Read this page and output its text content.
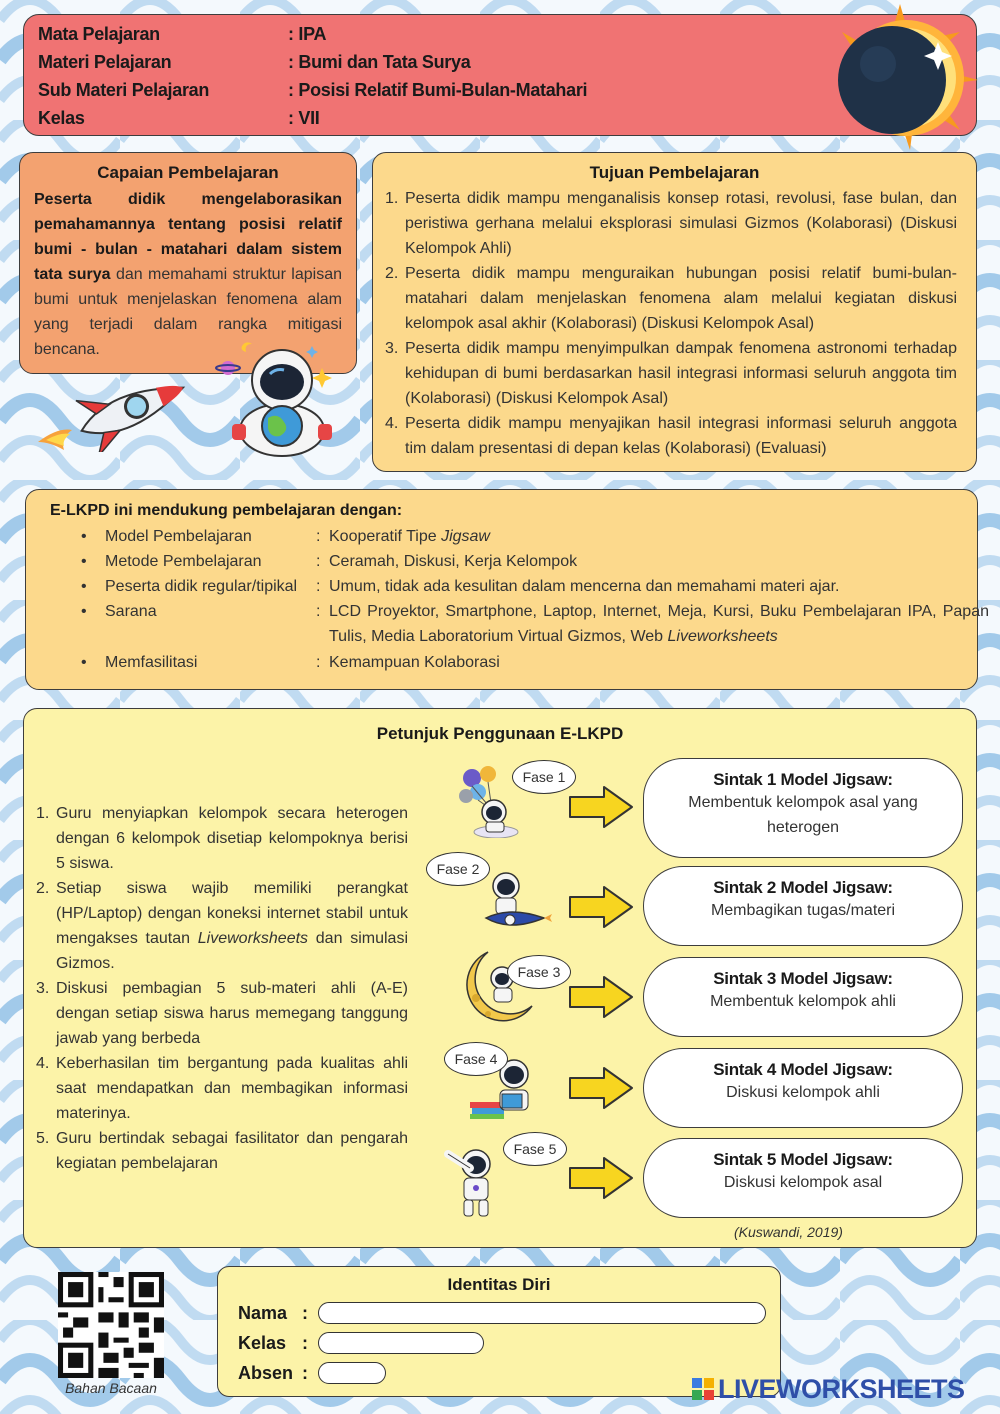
Mata Pelajaran	: IPA
Materi Pelajaran	: Bumi dan Tata Surya
Sub Materi Pelajaran	: Posisi Relatif Bumi-Bulan-Matahari
Kelas	: VII
Capaian Pembelajaran
Peserta didik mengelaborasikan pemahamannya tentang posisi relatif bumi - bulan - matahari dalam sistem tata surya dan memahami struktur lapisan bumi untuk menjelaskan fenomena alam yang terjadi dalam rangka mitigasi bencana.
Tujuan Pembelajaran
1. Peserta didik mampu menganalisis konsep rotasi, revolusi, fase bulan, dan peristiwa gerhana melalui eksplorasi simulasi Gizmos (Kolaborasi) (Diskusi Kelompok Ahli)
2. Peserta didik mampu menguraikan hubungan posisi relatif bumi-bulan-matahari dalam menjelaskan fenomena alam melalui kegiatan diskusi kelompok asal akhir (Kolaborasi) (Diskusi Kelompok Asal)
3. Peserta didik mampu menyimpulkan dampak fenomena astronomi terhadap kehidupan di bumi berdasarkan hasil integrasi informasi seluruh anggota tim (Kolaborasi) (Diskusi Kelompok Asal)
4. Peserta didik mampu menyajikan hasil integrasi informasi seluruh anggota tim dalam presentasi di depan kelas (Kolaborasi) (Evaluasi)
E-LKPD ini mendukung pembelajaran dengan:
• Model Pembelajaran	: Kooperatif Tipe Jigsaw
• Metode Pembelajaran	: Ceramah, Diskusi, Kerja Kelompok
• Peserta didik regular/tipikal : Umum, tidak ada kesulitan dalam mencerna dan memahami materi ajar.
• Sarana	: LCD Proyektor, Smartphone, Laptop, Internet, Meja, Kursi, Buku Pembelajaran IPA, Papan Tulis, Media Laboratorium Virtual Gizmos, Web Liveworksheets
• Memfasilitasi	: Kemampuan Kolaborasi
Petunjuk Penggunaan E-LKPD
1. Guru menyiapkan kelompok secara heterogen dengan 6 kelompok disetiap kelompoknya berisi 5 siswa.
2. Setiap siswa wajib memiliki perangkat (HP/Laptop) dengan koneksi internet stabil untuk mengakses tautan Liveworksheets dan simulasi Gizmos.
3. Diskusi pembagian 5 sub-materi ahli (A-E) dengan setiap siswa harus memegang tanggung jawab yang berbeda
4. Keberhasilan tim bergantung pada kualitas ahli saat mendapatkan dan membagikan informasi materinya.
5. Guru bertindak sebagai fasilitator dan pengarah kegiatan pembelajaran
(Kuswandi, 2019)
Fase 1
Fase 2
Fase 3
Fase 4
Fase 5
Sintak 1 Model Jigsaw:
Membentuk kelompok asal yang heterogen
Sintak 2 Model Jigsaw:
Membagikan tugas/materi
Sintak 3 Model Jigsaw:
Membentuk kelompok ahli
Sintak 4 Model Jigsaw:
Diskusi kelompok ahli
Sintak 5 Model Jigsaw:
Diskusi kelompok asal
Bahan Bacaan
Identitas Diri
Nama :
Kelas :
Absen :
LIVEWORKSHEETS
